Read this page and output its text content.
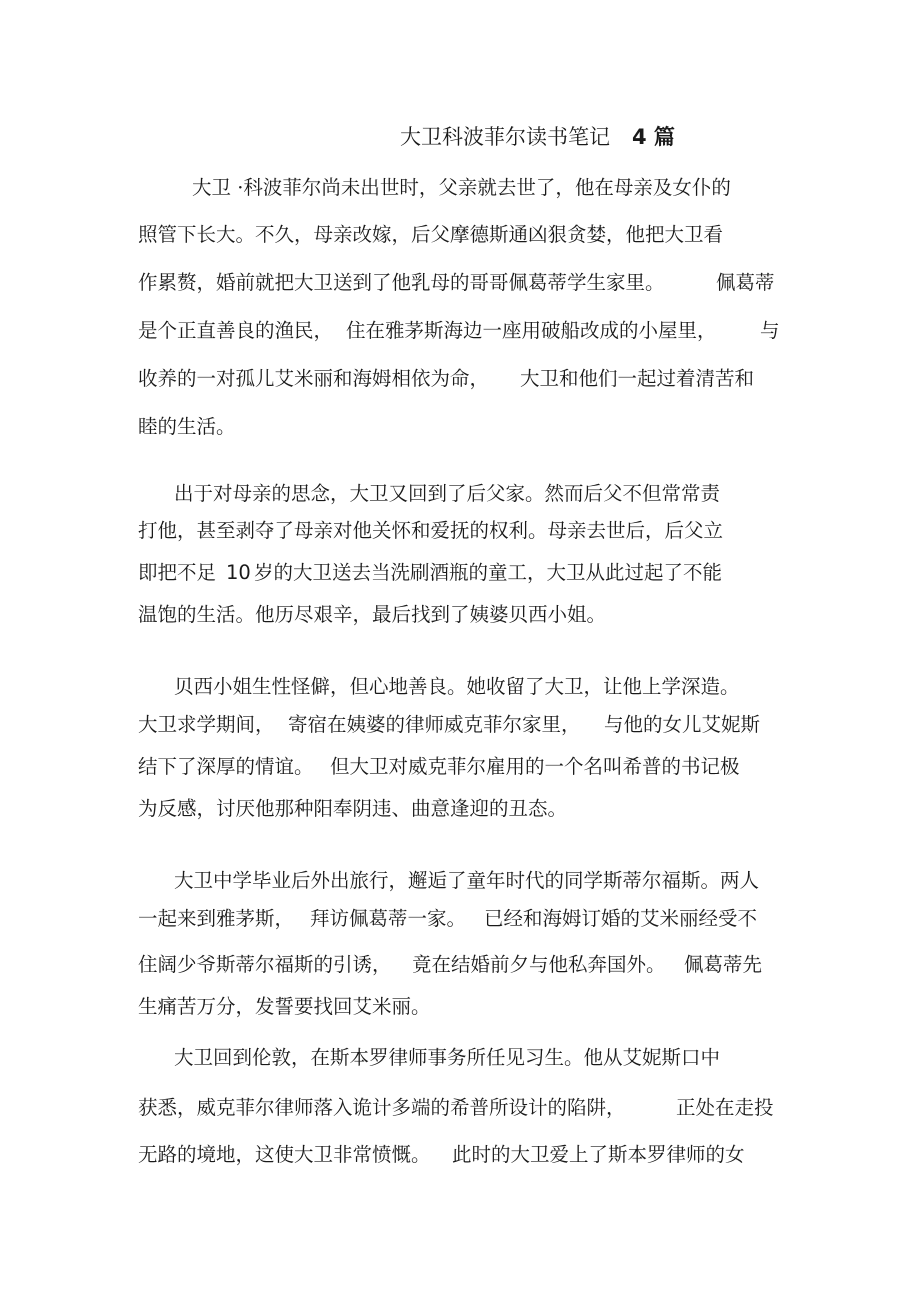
大卫科波菲尔读书笔记 4 篇
大卫 ·科波菲尔尚未出世时，父亲就去世了，他在母亲及女仆的
照管下长大。不久，母亲改嫁，后父摩德斯通凶狠贪婪，他把大卫看
作累赘，婚前就把大卫送到了他乳母的哥哥佩葛蒂学生家里。	佩葛蒂
是个正直善良的渔民， 住在雅茅斯海边一座用破船改成的小屋里， 与
收养的一对孤儿艾米丽和海姆相依为命， 大卫和他们一起过着清苦和
睦的生活。
出于对母亲的思念，大卫又回到了后父家。然而后父不但常常责
打他，甚至剥夺了母亲对他关怀和爱抚的权利。母亲去世后，后父立
即把不足 10 岁的大卫送去当洗刷酒瓶的童工，大卫从此过起了不能
温饱的生活。他历尽艰辛，最后找到了姨婆贝西小姐。
贝西小姐生性怪僻，但心地善良。她收留了大卫，让他上学深造。
大卫求学期间， 寄宿在姨婆的律师威克菲尔家里， 与他的女儿艾妮斯
结下了深厚的情谊。 但大卫对威克菲尔雇用的一个名叫希普的书记极
为反感，讨厌他那种阳奉阴违、曲意逢迎的丑态。
大卫中学毕业后外出旅行，邂逅了童年时代的同学斯蒂尔福斯。两人
一起来到雅茅斯， 拜访佩葛蒂一家。 已经和海姆订婚的艾米丽经受不
住阔少爷斯蒂尔福斯的引诱， 竟在结婚前夕与他私奔国外。 佩葛蒂先
生痛苦万分，发誓要找回艾米丽。
大卫回到伦敦，在斯本罗律师事务所任见习生。他从艾妮斯口中
获悉，威克菲尔律师落入诡计多端的希普所设计的陷阱，	正处在走投
无路的境地，这使大卫非常愤慨。 此时的大卫爱上了斯本罗律师的女
